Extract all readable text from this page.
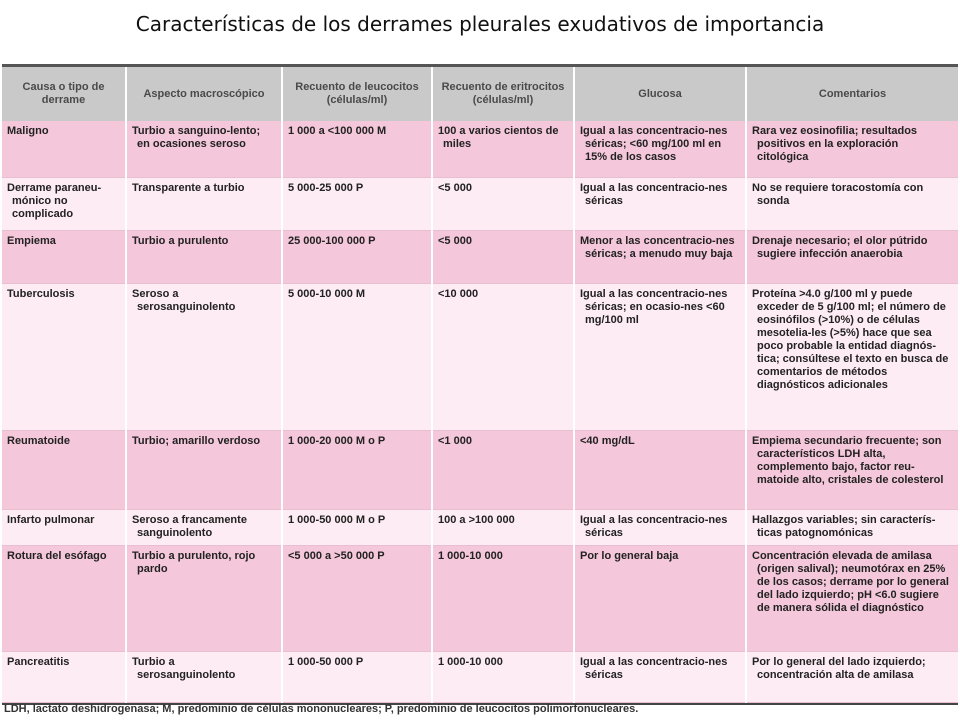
Características de los derrames pleurales exudativos de importancia
Causa o tipo de derrame	Aspecto macroscópico	Recuento de leucocitos (células/ml)	Recuento de eritrocitos (células/ml)	Glucosa	Comentarios
Maligno	Turbio a sanguino-lento; en ocasiones seroso	1 000 a <100 000 M	100 a varios cientos de miles	Igual a las concentracio-nes séricas; <60 mg/100 ml en 15% de los casos	Rara vez eosinofilia; resultados positivos en la exploración citológica
Derrame paraneu-mónico no complicado	Transparente a turbio	5 000-25 000 P	<5 000	Igual a las concentracio-nes séricas	No se requiere toracostomía con sonda
Empiema	Turbio a purulento	25 000-100 000 P	<5 000	Menor a las concentracio-nes séricas; a menudo muy baja	Drenaje necesario; el olor pútrido sugiere infección anaerobia
Tuberculosis	Seroso a serosanguinolento	5 000-10 000 M	<10 000	Igual a las concentracio-nes séricas; en ocasio-nes <60 mg/100 ml	Proteína >4.0 g/100 ml y puede exceder de 5 g/100 ml; el número de eosinófilos (>10%) o de células mesotelia-les (>5%) hace que sea poco probable la entidad diagnós-tica; consúltese el texto en busca de comentarios de métodos diagnósticos adicionales
Reumatoide	Turbio; amarillo verdoso	1 000-20 000 M o P	<1 000	<40 mg/dL	Empiema secundario frecuente; son característicos LDH alta, complemento bajo, factor reu-matoide alto, cristales de colesterol
Infarto pulmonar	Seroso a francamente sanguinolento	1 000-50 000 M o P	100 a >100 000	Igual a las concentracio-nes séricas	Hallazgos variables; sin caracterís-ticas patognomónicas
Rotura del esófago	Turbio a purulento, rojo pardo	<5 000 a >50 000 P	1 000-10 000	Por lo general baja	Concentración elevada de amilasa (origen salival); neumotórax en 25% de los casos; derrame por lo general del lado izquierdo; pH <6.0 sugiere de manera sólida el diagnóstico
Pancreatitis	Turbio a serosanguinolento	1 000-50 000 P	1 000-10 000	Igual a las concentracio-nes séricas	Por lo general del lado izquierdo; concentración alta de amilasa
LDH, lactato deshidrogenasa; M, predominio de células mononucleares; P, predominio de leucocitos polimorfonucleares.
